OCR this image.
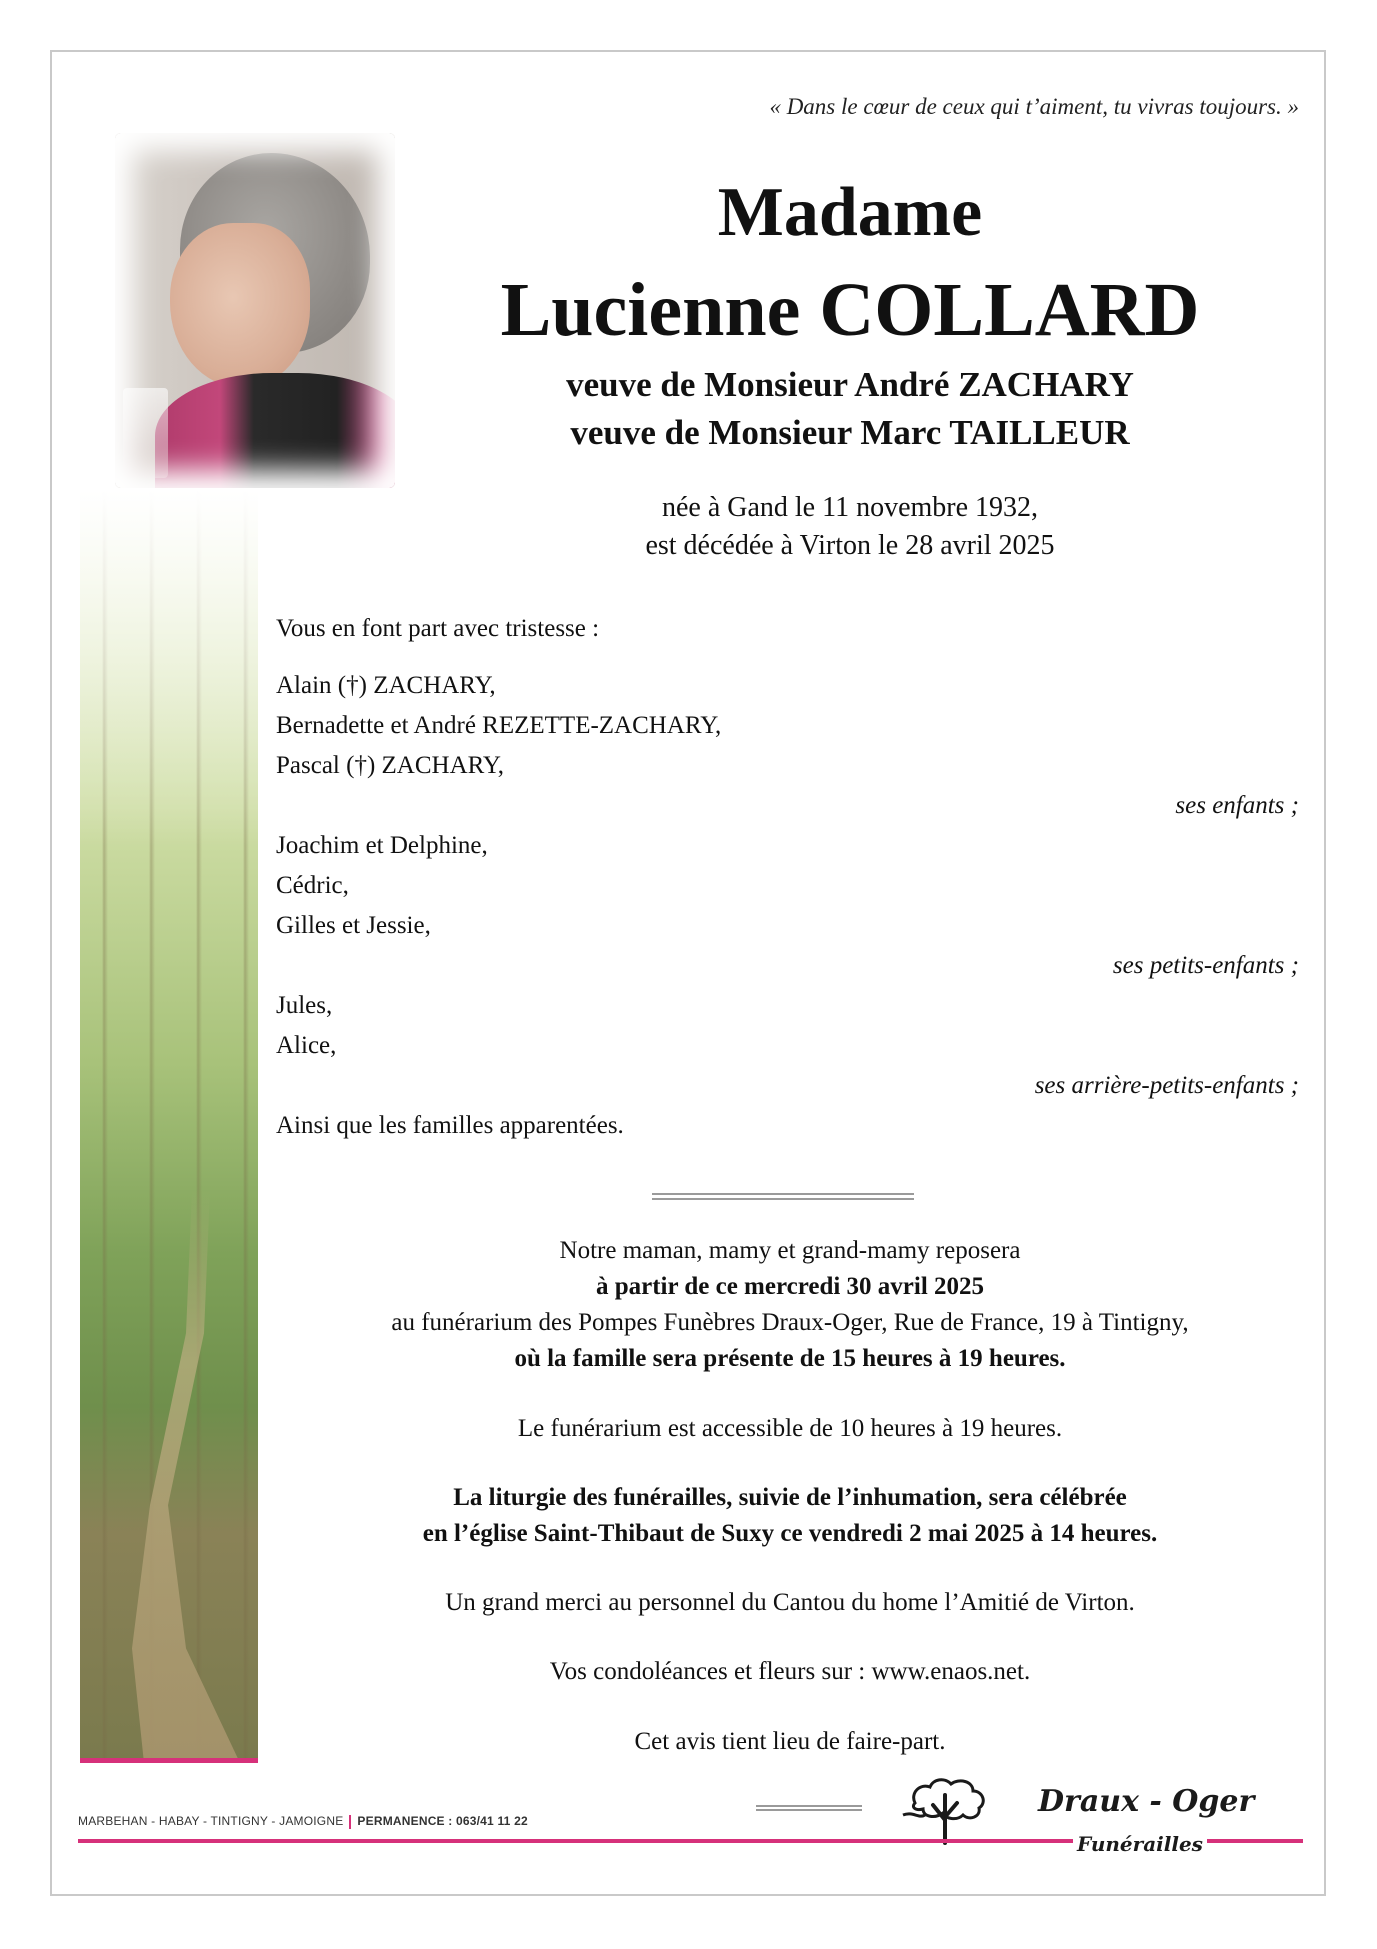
« Dans le cœur de ceux qui t’aiment, tu vivras toujours. »
Madame
Lucienne COLLARD
veuve de Monsieur André ZACHARY
veuve de Monsieur Marc TAILLEUR
née à Gand le 11 novembre 1932,
est décédée à Virton le 28 avril 2025
Vous en font part avec tristesse :
Alain (†) ZACHARY,
Bernadette et André REZETTE-ZACHARY,
Pascal (†) ZACHARY,
ses enfants ;
Joachim et Delphine,
Cédric,
Gilles et Jessie,
ses petits-enfants ;
Jules,
Alice,
ses arrière-petits-enfants ;
Ainsi que les familles apparentées.
Notre maman, mamy et grand-mamy reposera
à partir de ce mercredi 30 avril 2025
au funérarium des Pompes Funèbres Draux-Oger, Rue de France, 19 à Tintigny,
où la famille sera présente de 15 heures à 19 heures.
Le funérarium est accessible de 10 heures à 19 heures.
La liturgie des funérailles, suivie de l’inhumation, sera célébrée
en l’église Saint-Thibaut de Suxy ce vendredi 2 mai 2025 à 14 heures.
Un grand merci au personnel du Cantou du home l’Amitié de Virton.
Vos condoléances et fleurs sur : www.enaos.net.
Cet avis tient lieu de faire-part.
MARBEHAN - HABAY - TINTIGNY - JAMOIGNE PERMANENCE : 063/41 11 22
Draux - Oger
Funérailles
